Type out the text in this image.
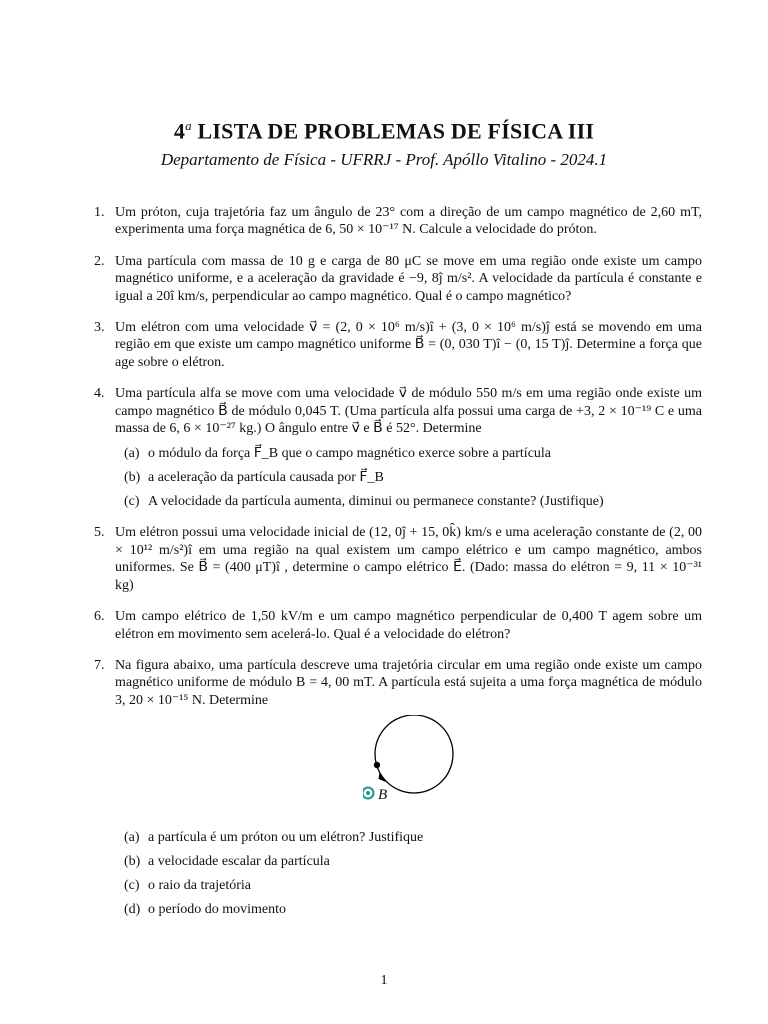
4$^a$ LISTA DE PROBLEMAS DE FÍSICA III
Departamento de Física - UFRRJ - Prof. Apóllo Vitalino - 2024.1
1. Um próton, cuja trajetória faz um ângulo de 23° com a direção de um campo magnético de 2,60 mT, experimenta uma força magnética de 6, 50 × 10⁻¹⁷ N. Calcule a velocidade do próton.
2. Uma partícula com massa de 10 g e carga de 80 μC se move em uma região onde existe um campo magnético uniforme, e a aceleração da gravidade é −9, 8ĵ m/s². A velocidade da partícula é constante e igual a 20î km/s, perpendicular ao campo magnético. Qual é o campo magnético?
3. Um elétron com uma velocidade v⃗ = (2, 0 × 10⁶ m/s)î + (3, 0 × 10⁶ m/s)ĵ está se movendo em uma região em que existe um campo magnético uniforme B⃗ = (0, 030 T)î − (0, 15 T)ĵ. Determine a força que age sobre o elétron.
4. Uma partícula alfa se move com uma velocidade v⃗ de módulo 550 m/s em uma região onde existe um campo magnético B⃗ de módulo 0,045 T. (Uma partícula alfa possui uma carga de +3, 2 × 10⁻¹⁹ C e uma massa de 6, 6 × 10⁻²⁷ kg.) O ângulo entre v⃗ e B⃗ é 52°. Determine
(a) o módulo da força F⃗_B que o campo magnético exerce sobre a partícula
(b) a aceleração da partícula causada por F⃗_B
(c) A velocidade da partícula aumenta, diminui ou permanece constante? (Justifique)
5. Um elétron possui uma velocidade inicial de (12, 0ĵ + 15, 0k̂) km/s e uma aceleração constante de (2, 00 × 10¹² m/s²)î em uma região na qual existem um campo elétrico e um campo magnético, ambos uniformes. Se B⃗ = (400 μT)î , determine o campo elétrico E⃗. (Dado: massa do elétron = 9, 11 × 10⁻³¹ kg)
6. Um campo elétrico de 1,50 kV/m e um campo magnético perpendicular de 0,400 T agem sobre um elétron em movimento sem acelerá-lo. Qual é a velocidade do elétron?
7. Na figura abaixo, uma partícula descreve uma trajetória circular em uma região onde existe um campo magnético uniforme de módulo B = 4, 00 mT. A partícula está sujeita a uma força magnética de módulo 3, 20 × 10⁻¹⁵ N. Determine
B⃗
(a) a partícula é um próton ou um elétron? Justifique
(b) a velocidade escalar da partícula
(c) o raio da trajetória
(d) o período do movimento
1
